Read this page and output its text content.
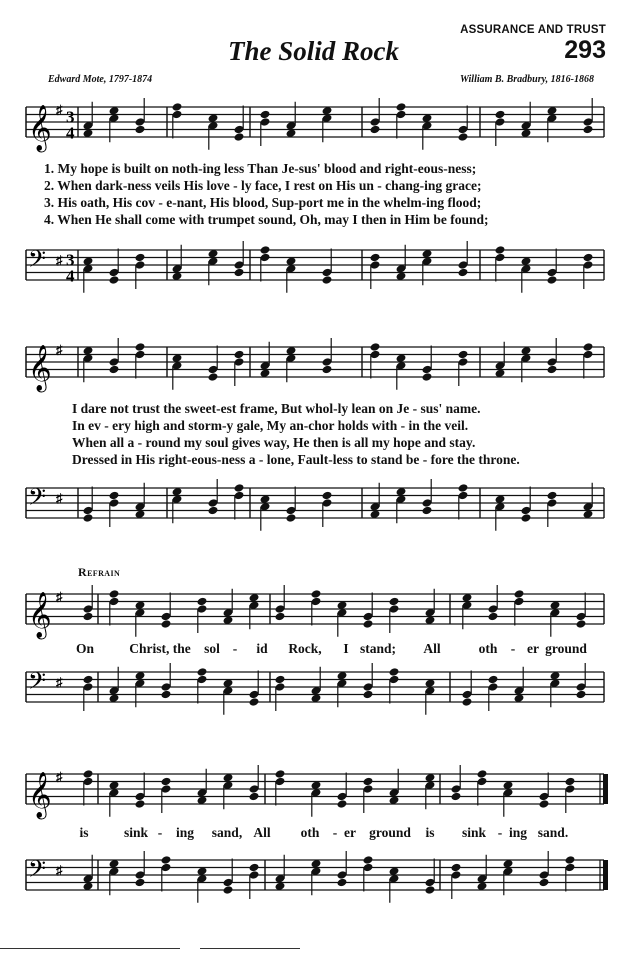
ASSURANCE AND TRUST
293
The Solid Rock
Edward Mote, 1797-1874	William B. Bradbury, 1816-1868
𝄞 ♯ 3
4
1. My hope is built on noth-ing less Than Je-sus' blood and right-eous-ness;
2. When dark-ness veils His love - ly face, I rest on His un - chang-ing grace;
3. His oath, His cov - e-nant, His blood, Sup-port me in the whelm-ing flood;
4. When He shall come with trumpet sound, Oh, may I then in Him be found;
𝄢 ♯ 3
4
𝄞 ♯
I dare not trust the sweet-est frame, But whol-ly lean on Je - sus' name.
In ev - ery high and storm-y gale, My an-chor holds with - in the veil.
When all a - round my soul gives way, He then is all my hope and stay.
Dressed in His right-eous-ness a - lone, Fault-less to stand be - fore the throne.
𝄢 ♯
Refrain
𝄞 ♯
On	Christ, the sol - id Rock, I stand; All	oth - er ground
𝄢 ♯
𝄞 ♯
is	sink - ing sand, All oth - er ground is sink - ing sand.
𝄢 ♯
